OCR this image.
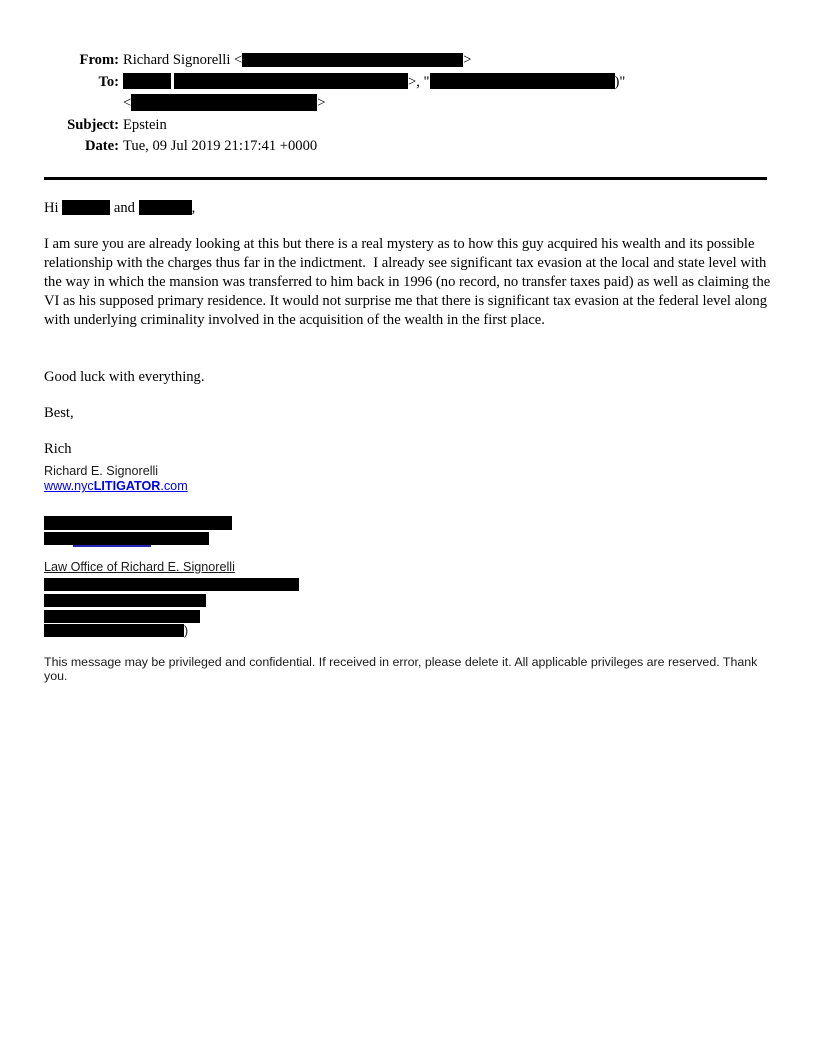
From: Richard Signorelli <	>
To:	>, "	)"
<	>
Subject: Epstein
Date: Tue, 09 Jul 2019 21:17:41 +0000
Hi	and	,
I am sure you are already looking at this but there is a real mystery as to how this guy acquired his wealth and its possible relationship with the charges thus far in the indictment.  I already see significant tax evasion at the local and state level with the way in which the mansion was transferred to him back in 1996 (no record, no transfer taxes paid) as well as claiming the VI as his supposed primary residence. It would not surprise me that there is significant tax evasion at the federal level along with underlying criminality involved in the acquisition of the wealth in the first place.
Good luck with everything.
Best,
Rich
Richard E. Signorelli
www.nycLITIGATOR.com
Law Office of Richard E. Signorelli
)
This message may be privileged and confidential. If received in error, please delete it. All applicable privileges are reserved. Thank you.
